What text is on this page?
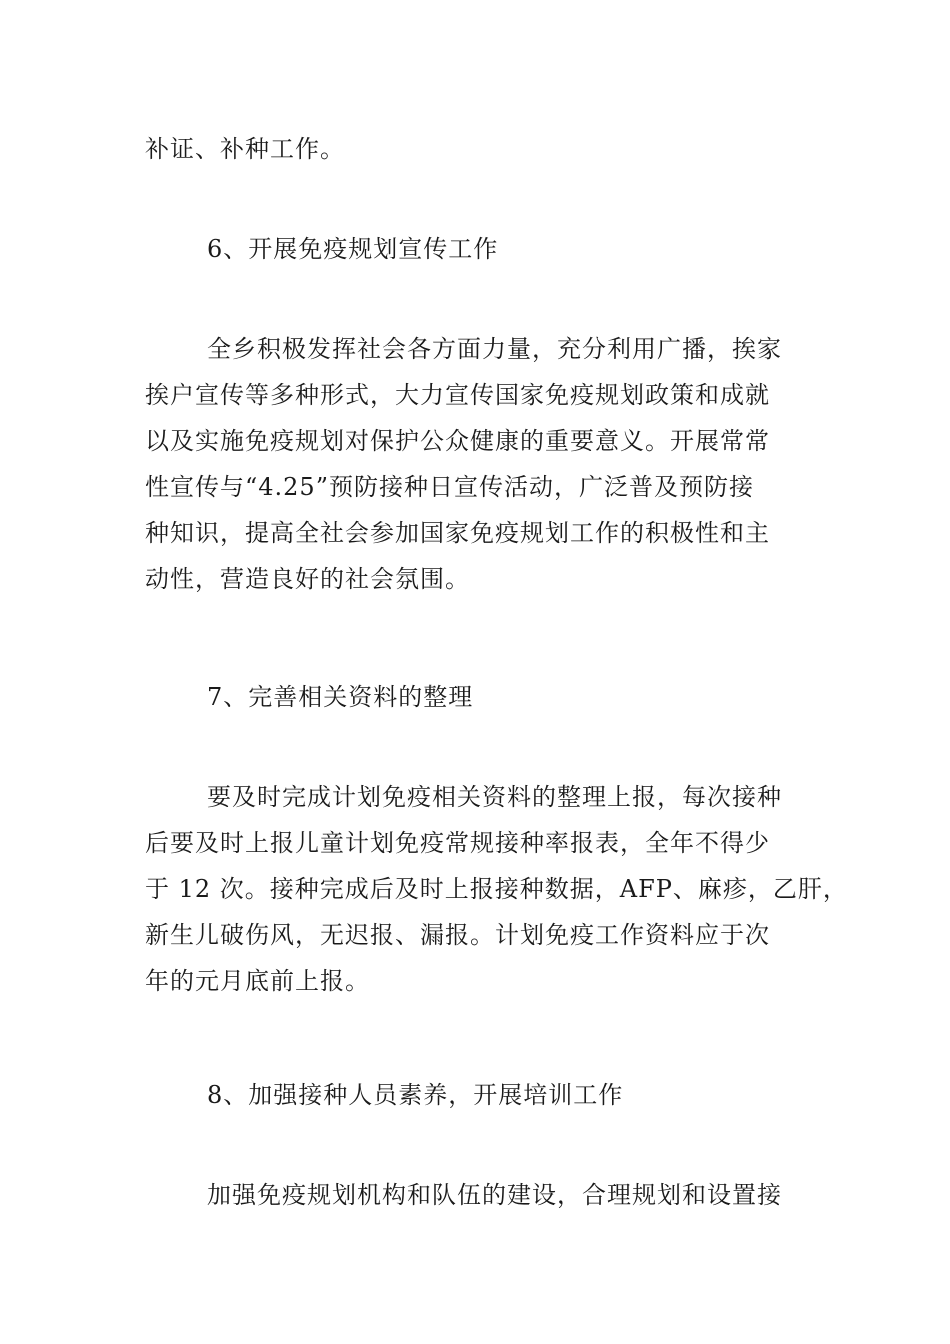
补证、补种工作。
6、开展免疫规划宣传工作
全乡积极发挥社会各方面力量，充分利用广播，挨家
挨户宣传等多种形式，大力宣传国家免疫规划政策和成就
以及实施免疫规划对保护公众健康的重要意义。开展常常
性宣传与“4.25”预防接种日宣传活动，广泛普及预防接
种知识，提高全社会参加国家免疫规划工作的积极性和主
动性，营造良好的社会氛围。
7、完善相关资料的整理
要及时完成计划免疫相关资料的整理上报，每次接种
后要及时上报儿童计划免疫常规接种率报表，全年不得少
于 12 次。接种完成后及时上报接种数据，AFP、麻疹，乙肝，
新生儿破伤风，无迟报、漏报。计划免疫工作资料应于次
年的元月底前上报。
8、加强接种人员素养，开展培训工作
加强免疫规划机构和队伍的建设，合理规划和设置接
